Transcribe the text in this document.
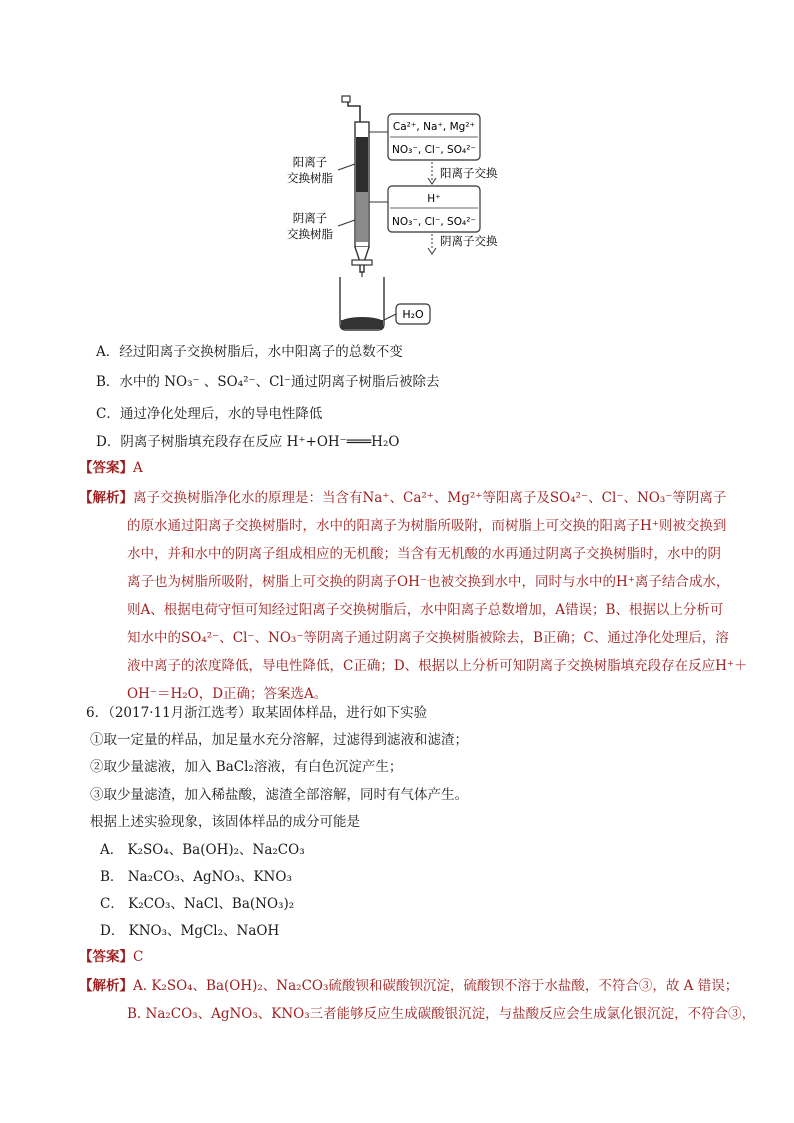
H₂O
阳离子
交换树脂
阴离子
交换树脂
Ca²⁺, Na⁺, Mg²⁺
NO₃⁻, Cl⁻, SO₄²⁻
阳离子交换
H⁺
NO₃⁻, Cl⁻, SO₄²⁻
阴离子交换
A．经过阳离子交换树脂后，水中阳离子的总数不变
B．水中的 NO₃⁻ 、SO₄²⁻、Cl⁻通过阴离子树脂后被除去
C．通过净化处理后，水的导电性降低
D．阴离子树脂填充段存在反应 H⁺+OH⁻═══H₂O
【答案】A
【解析】离子交换树脂净化水的原理是：当含有Na⁺、Ca²⁺、Mg²⁺等阳离子及SO₄²⁻、Cl⁻、NO₃⁻等阴离子
的原水通过阳离子交换树脂时，水中的阳离子为树脂所吸附，而树脂上可交换的阳离子H⁺则被交换到
水中，并和水中的阴离子组成相应的无机酸；当含有无机酸的水再通过阴离子交换树脂时，水中的阴
离子也为树脂所吸附，树脂上可交换的阴离子OH⁻也被交换到水中，同时与水中的H⁺离子结合成水，
则A、根据电荷守恒可知经过阳离子交换树脂后，水中阳离子总数增加，A错误；B、根据以上分析可
知水中的SO₄²⁻、Cl⁻、NO₃⁻等阴离子通过阴离子交换树脂被除去，B正确；C、通过净化处理后，溶
液中离子的浓度降低，导电性降低，C正确；D、根据以上分析可知阴离子交换树脂填充段存在反应H⁺＋
OH⁻＝H₂O，D正确；答案选A。
6．（2017·11月浙江选考）取某固体样品，进行如下实验
①取一定量的样品，加足量水充分溶解，过滤得到滤液和滤渣；
②取少量滤液，加入 BaCl₂溶液，有白色沉淀产生；
③取少量滤渣，加入稀盐酸，滤渣全部溶解，同时有气体产生。
根据上述实验现象，该固体样品的成分可能是
A． K₂SO₄、Ba(OH)₂、Na₂CO₃
B． Na₂CO₃、AgNO₃、KNO₃
C． K₂CO₃、NaCl、Ba(NO₃)₂
D． KNO₃、MgCl₂、NaOH
【答案】C
【解析】A. K₂SO₄、Ba(OH)₂、Na₂CO₃硫酸钡和碳酸钡沉淀，硫酸钡不溶于水盐酸，不符合③，故 A 错误；
B. Na₂CO₃、AgNO₃、KNO₃三者能够反应生成碳酸银沉淀，与盐酸反应会生成氯化银沉淀，不符合③，
